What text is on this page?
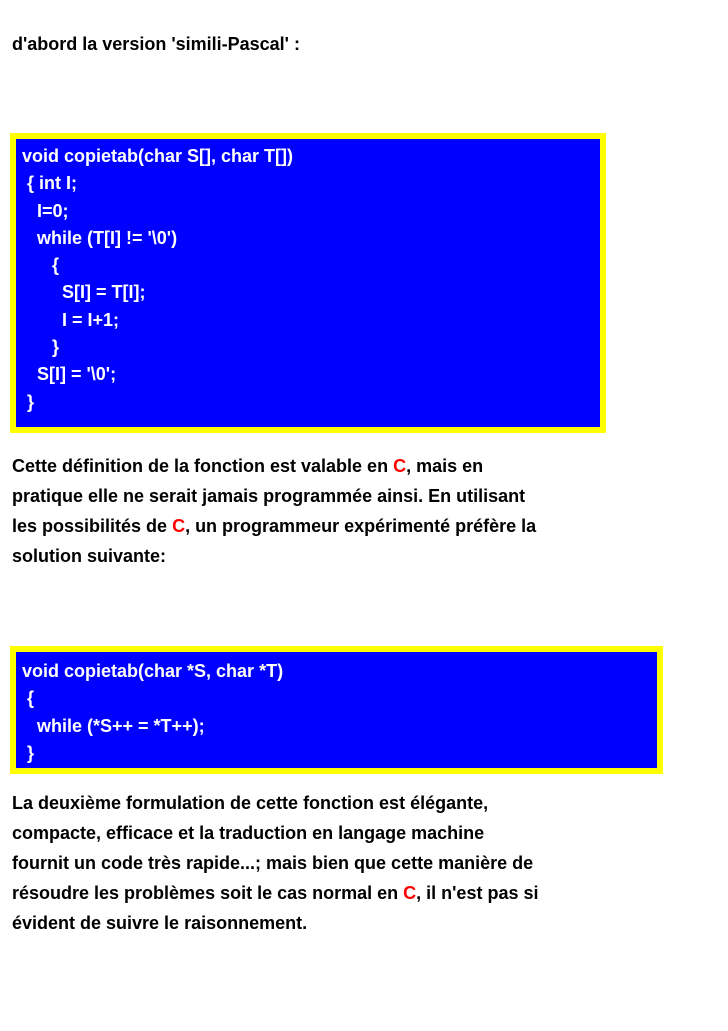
d'abord la version 'simili-Pascal' :
void copietab(char S[], char T[])
{ int I;
I=0;
while (T[I] != '\0')
{
S[I] = T[I];
I = I+1;
}
S[I] = '\0';
}
Cette définition de la fonction est valable en C, mais en
pratique elle ne serait jamais programmée ainsi. En utilisant
les possibilités de C, un programmeur expérimenté préfère la
solution suivante:
void copietab(char *S, char *T)
{
while (*S++ = *T++);
}
La deuxième formulation de cette fonction est élégante,
compacte, efficace et la traduction en langage machine
fournit un code très rapide...; mais bien que cette manière de
résoudre les problèmes soit le cas normal en C, il n'est pas si
évident de suivre le raisonnement.
